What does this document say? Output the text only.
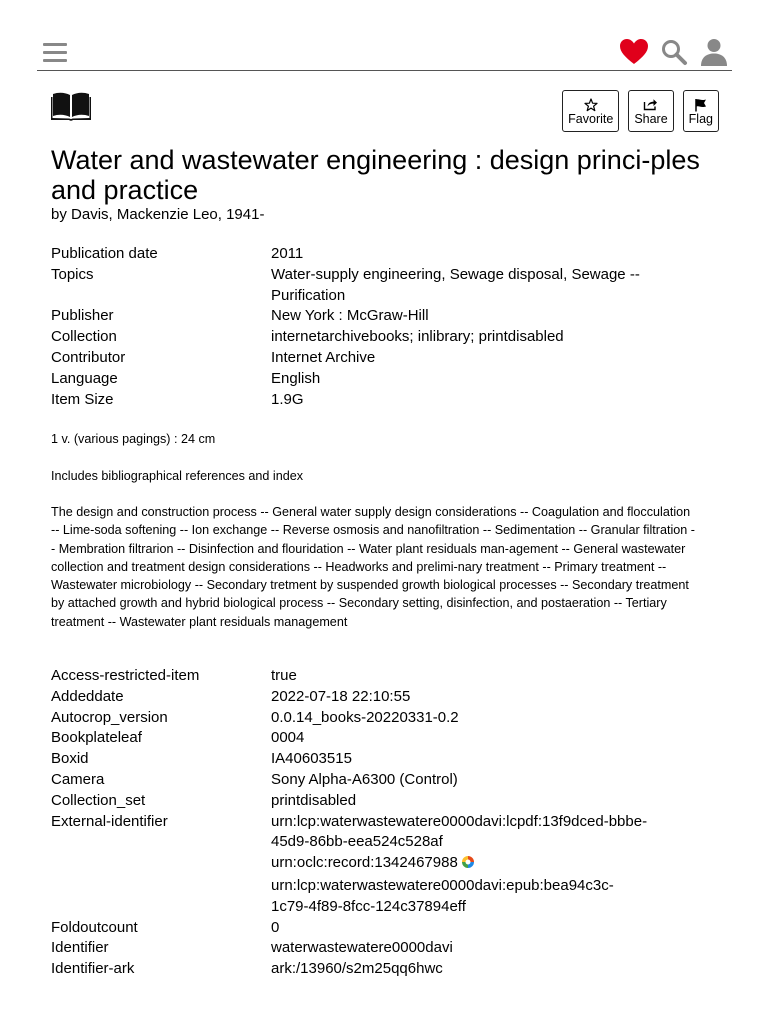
Favorite Share Flag
Water and wastewater engineering : design princi-ples and practice
by Davis, Mackenzie Leo, 1941-
Publication date	2011
Topics	Water-supply engineering, Sewage disposal, Sewage -- Purification
Publisher	New York : McGraw-Hill
Collection	internetarchivebooks; inlibrary; printdisabled
Contributor	Internet Archive
Language	English
Item Size	1.9G
1 v. (various pagings) : 24 cm
Includes bibliographical references and index
The design and construction process -- General water supply design considerations -- Coagulation and flocculation -- Lime-soda softening -- Ion exchange -- Reverse osmosis and nanofiltration -- Sedimentation -- Granular filtration -- Membration filtrarion -- Disinfection and flouridation -- Water plant residuals man-agement -- General wastewater collection and treatment design considerations -- Headworks and prelimi-nary treatment -- Primary treatment -- Wastewater microbiology -- Secondary tretment by suspended growth biological processes -- Secondary treatment by attached growth and hybrid biological process -- Secondary setting, disinfection, and postaeration -- Tertiary treatment -- Wastewater plant residuals management
Access-restricted-item	true
Addeddate	2022-07-18 22:10:55
Autocrop_version	0.0.14_books-20220331-0.2
Bookplateleaf	0004
Boxid	IA40603515
Camera	Sony Alpha-A6300 (Control)
Collection_set	printdisabled
External-identifier	urn:lcp:waterwastewatere0000davi:lcpdf:13f9dced-bbbe-45d9-86bb-eea524c528af
urn:oclc:record:1342467988
urn:lcp:waterwastewatere0000davi:epub:bea94c3c-1c79-4f89-8fcc-124c37894eff
Foldoutcount	0
Identifier	waterwastewatere0000davi
Identifier-ark	ark:/13960/s2m25qq6hwc
